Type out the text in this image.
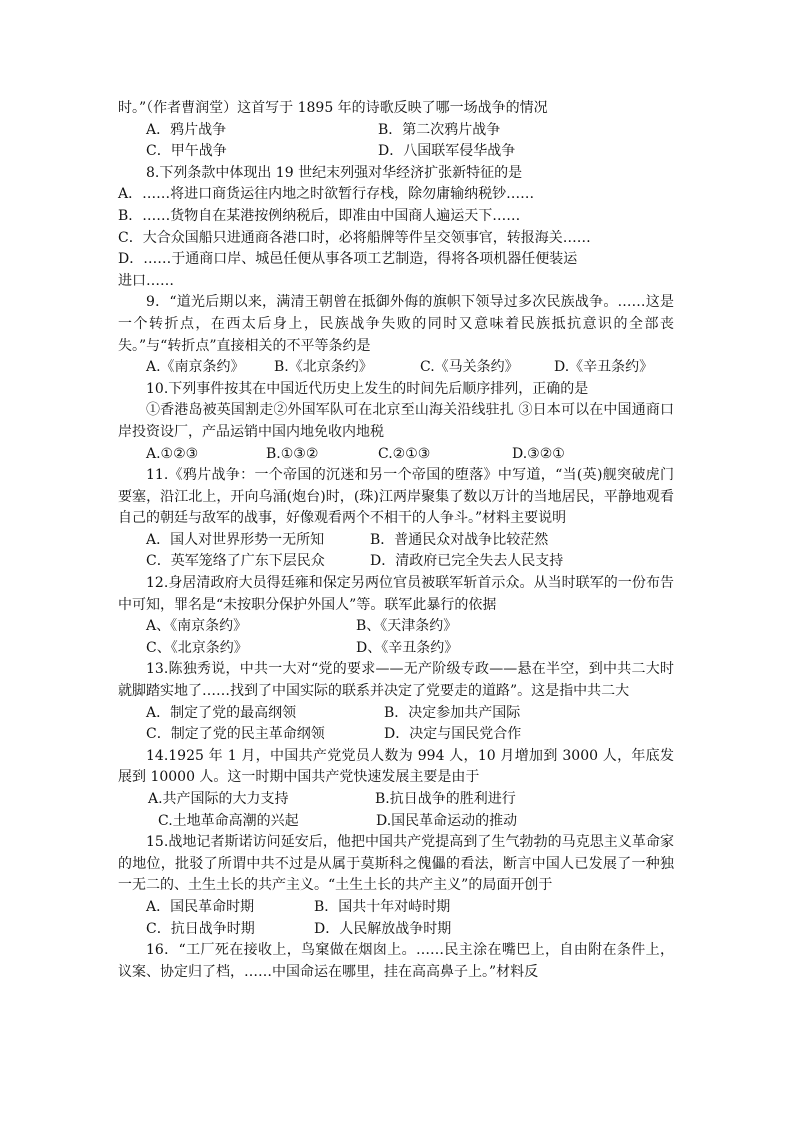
时。”（作者曹润堂）这首写于 1895 年的诗歌反映了哪一场战争的情况

A．鸦片战争	B．第二次鸦片战争
C．甲午战争	D．八国联军侵华战争

8.下列条款中体现出 19 世纪末列强对华经济扩张新特征的是

A．……将进口商货运往内地之时欲暂行存栈，除勿庸输纳税钞……

B．……货物自在某港按例纳税后，即准由中国商人遍运天下……

C．大合众国船只进通商各港口时，必将船牌等件呈交领事官，转报海关……

D．……于通商口岸、城邑任便从事各项工艺制造，得将各项机器任便装运

进口……

9．“道光后期以来，满清王朝曾在抵御外侮的旗帜下领导过多次民族战争。……这是一个转折点，在西太后身上，民族战争失败的同时又意味着民族抵抗意识的全部丧失。”与“转折点”直接相关的不平等条约是

A.《南京条约》	B.《北京条约》	C.《马关条约》	D.《辛丑条约》

10.下列事件按其在中国近代历史上发生的时间先后顺序排列，正确的是

①香港岛被英国割走②外国军队可在北京至山海关沿线驻扎 ③日本可以在中国通商口岸投资设厂，产品运销中国内地免收内地税

A.①②③	B.①③②	C.②①③	D.③②①

11.《鸦片战争：一个帝国的沉迷和另一个帝国的堕落》中写道，“当(英)舰突破虎门要塞，沿江北上，开向乌涌(炮台)时，(珠)江两岸聚集了数以万计的当地居民，平静地观看自己的朝廷与敌军的战事，好像观看两个不相干的人争斗。”材料主要说明

A．国人对世界形势一无所知	B．普通民众对战争比较茫然
C．英军笼络了广东下层民众	D．清政府已完全失去人民支持

12.身居清政府大员得廷雍和保定另两位官员被联军斩首示众。从当时联军的一份布告中可知，罪名是“未按职分保护外国人”等。联军此暴行的依据

A、《南京条约》	B、《天津条约》
C、《北京条约》	D、《辛丑条约》

13.陈独秀说，中共一大对“党的要求——无产阶级专政——悬在半空，到中共二大时就脚踏实地了……找到了中国实际的联系并决定了党要走的道路”。这是指中共二大

A．制定了党的最高纲领	B．决定参加共产国际
C．制定了党的民主革命纲领	D．决定与国民党合作

14.1925 年 1 月，中国共产党党员人数为 994 人，10 月增加到 3000 人，年底发展到 10000 人。这一时期中国共产党快速发展主要是由于

A.共产国际的大力支持	B.抗日战争的胜利进行
C.土地革命高潮的兴起	D.国民革命运动的推动

15.战地记者斯诺访问延安后，他把中国共产党提高到了生气勃勃的马克思主义革命家的地位，批驳了所谓中共不过是从属于莫斯科之傀儡的看法，断言中国人已发展了一种独一无二的、土生土长的共产主义。“土生土长的共产主义”的局面开创于

A．国民革命时期	B．国共十年对峙时期
C．抗日战争时期	D．人民解放战争时期

16．“工厂死在接收上，鸟窠做在烟囱上。……民主涂在嘴巴上，自由附在条件上，议案、协定归了档，……中国命运在哪里，挂在高高鼻子上。”材料反
